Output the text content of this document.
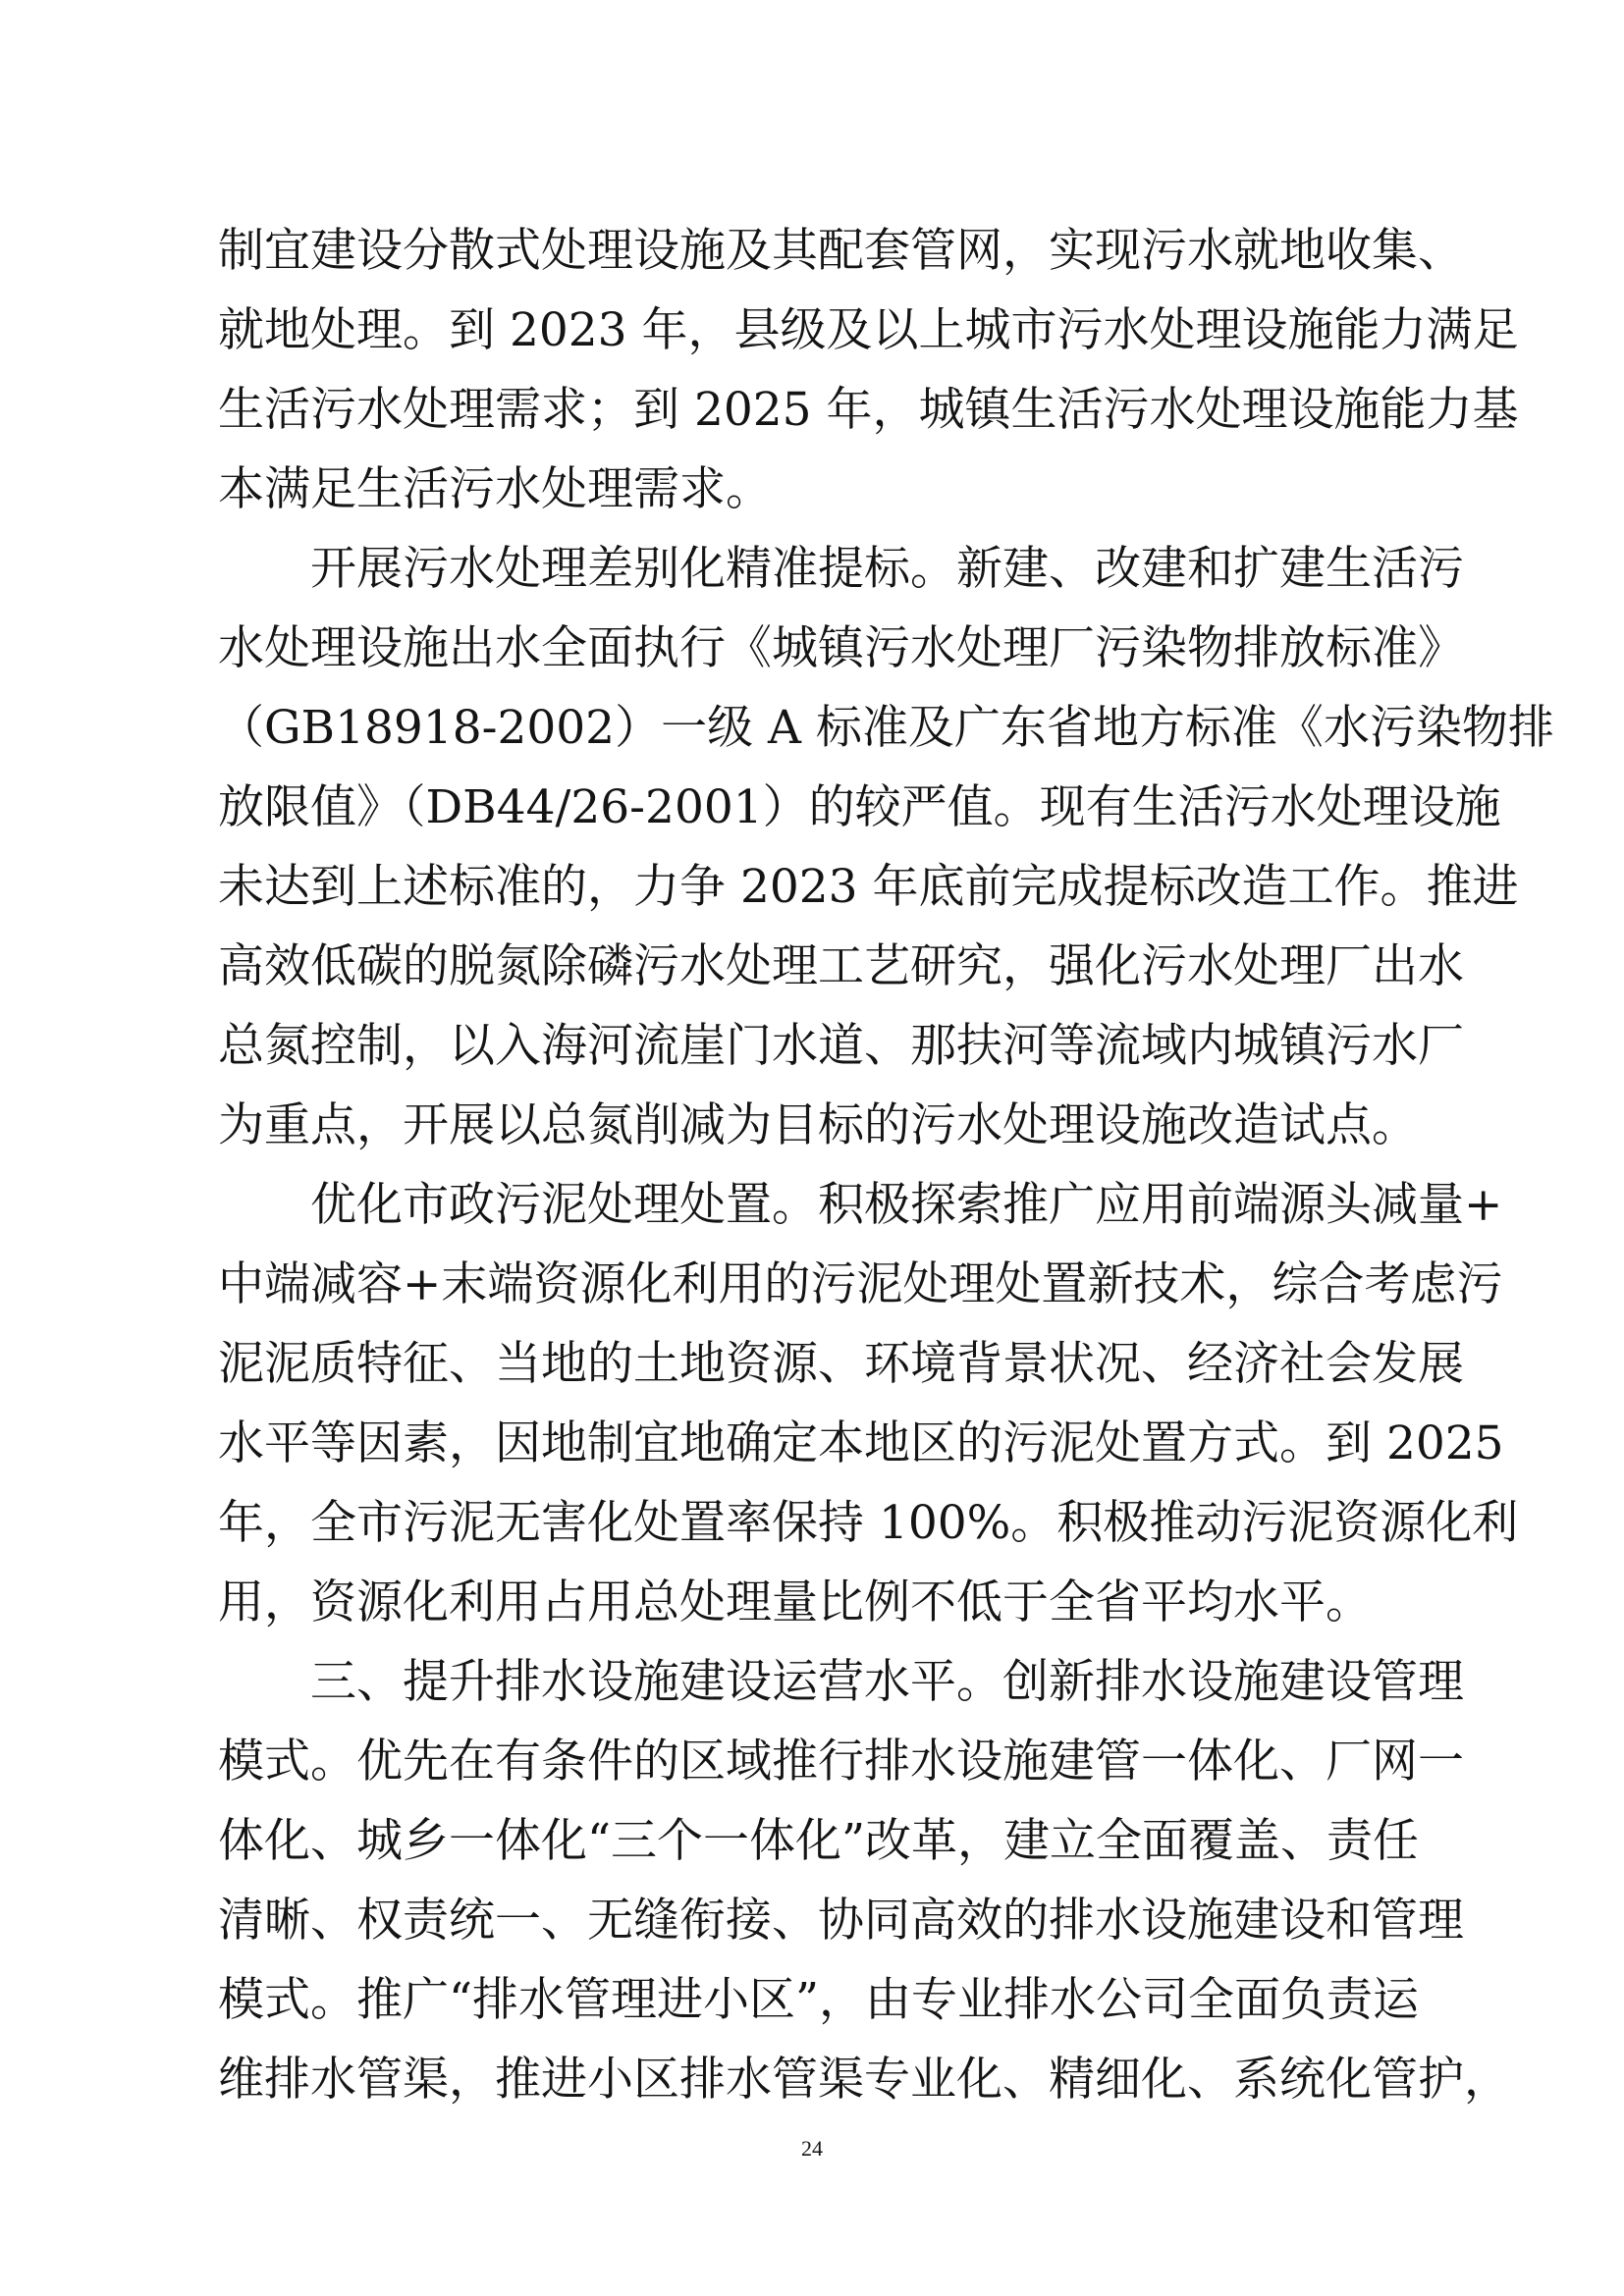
制宜建设分散式处理设施及其配套管网，实现污水就地收集、
就地处理。到 2023 年，县级及以上城市污水处理设施能力满足
生活污水处理需求；到 2025 年，城镇生活污水处理设施能力基
本满足生活污水处理需求。
开展污水处理差别化精准提标。新建、改建和扩建生活污
水处理设施出水全面执行《城镇污水处理厂污染物排放标准》
（GB18918-2002）一级 A 标准及广东省地方标准《水污染物排
放限值》（DB44/26-2001）的较严值。现有生活污水处理设施
未达到上述标准的，力争 2023 年底前完成提标改造工作。推进
高效低碳的脱氮除磷污水处理工艺研究，强化污水处理厂出水
总氮控制，以入海河流崖门水道、那扶河等流域内城镇污水厂
为重点，开展以总氮削减为目标的污水处理设施改造试点。
优化市政污泥处理处置。积极探索推广应用前端源头减量+
中端减容+末端资源化利用的污泥处理处置新技术，综合考虑污
泥泥质特征、当地的土地资源、环境背景状况、经济社会发展
水平等因素，因地制宜地确定本地区的污泥处置方式。到 2025
年，全市污泥无害化处置率保持 100%。积极推动污泥资源化利
用，资源化利用占用总处理量比例不低于全省平均水平。
三、提升排水设施建设运营水平。创新排水设施建设管理
模式。优先在有条件的区域推行排水设施建管一体化、厂网一
体化、城乡一体化“三个一体化”改革，建立全面覆盖、责任
清晰、权责统一、无缝衔接、协同高效的排水设施建设和管理
模式。推广“排水管理进小区”，由专业排水公司全面负责运
维排水管渠，推进小区排水管渠专业化、精细化、系统化管护，
24
